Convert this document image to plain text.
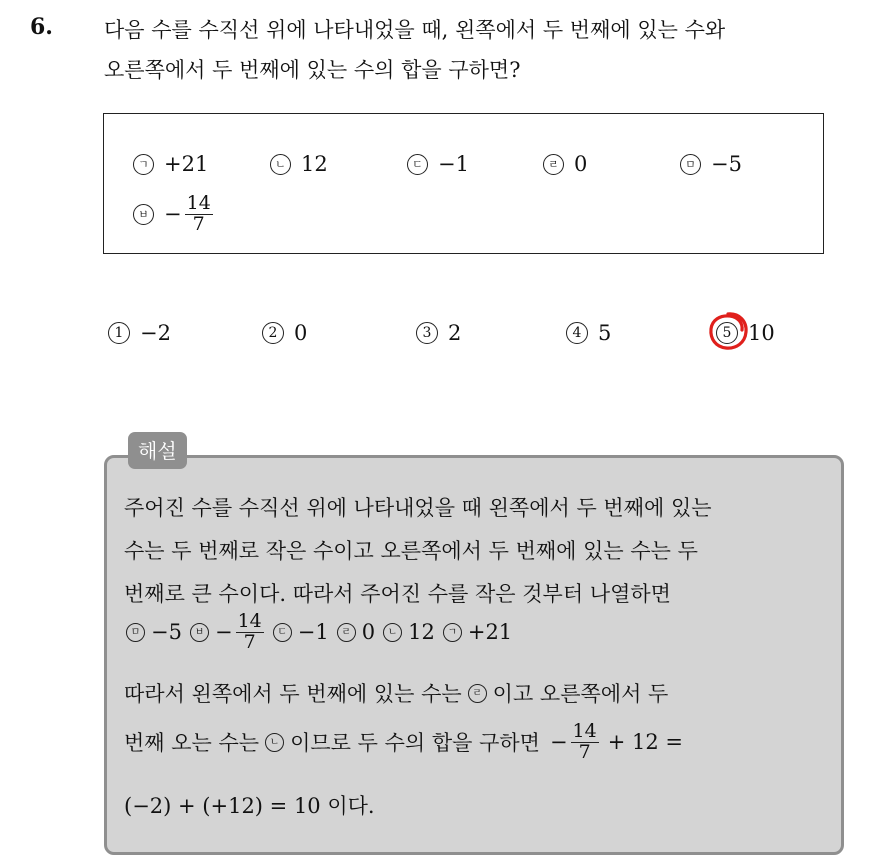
6. 다음 수를 수직선 위에 나타내었을 때, 왼쪽에서 두 번째에 있는 수와
오른쪽에서 두 번째에 있는 수의 합을 구하면?
ㄱ +21	ㄴ 12	ㄷ −1	ㄹ 0	ㅁ −5
ㅂ − $\frac{14}{7}$
1 −2	2 0	3 2	4 5	5 10
해설
주어진 수를 수직선 위에 나타내었을 때 왼쪽에서 두 번째에 있는
수는 두 번째로 작은 수이고 오른쪽에서 두 번째에 있는 수는 두
번째로 큰 수이다. 따라서 주어진 수를 작은 것부터 나열하면
ㅁ −5	ㅂ − $\frac{14}{7}$	ㄷ −1	ㄹ 0	ㄴ 12	ㄱ +21
따라서 왼쪽에서 두 번째에 있는 수는	ㄹ 이고 오른쪽에서 두
번째 오는 수는	ㄴ 이므로 두 수의 합을 구하면 − $\frac{14}{7} + 12$ =
(−2) + (+12) = 10 이다.
